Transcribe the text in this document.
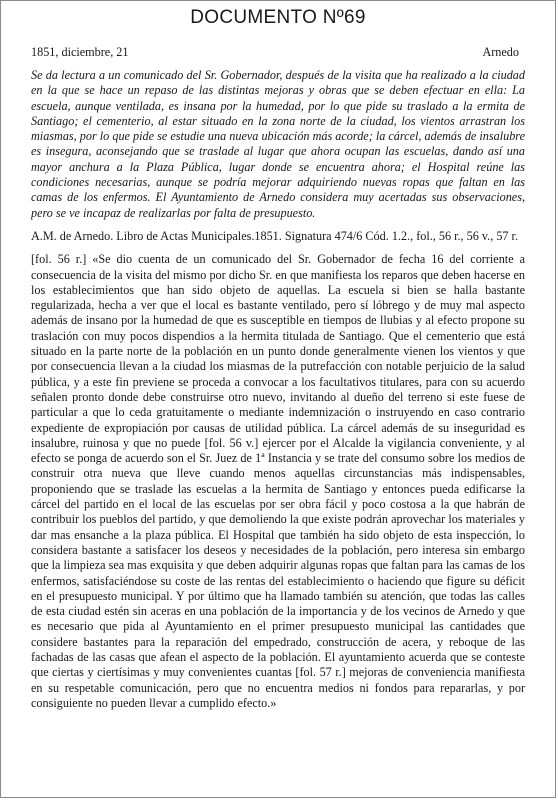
DOCUMENTO Nº69
1851, diciembre, 21	Arnedo

Se da lectura a un comunicado del Sr. Gobernador, después de la visita que ha realizado a la ciudad en la que se hace un repaso de las distintas mejoras y obras que se deben efectuar en ella: La escuela, aunque ventilada, es insana por la humedad, por lo que pide su traslado a la ermita de Santiago; el cementerio, al estar situado en la zona norte de la ciudad, los vientos arrastran los miasmas, por lo que pide se estudie una nueva ubicación más acorde; la cárcel, además de insalubre es insegura, aconsejando que se traslade al lugar que ahora ocupan las escuelas, dando así una mayor anchura a la Plaza Pública, lugar donde se encuentra ahora; el Hospital reúne las condiciones necesarias, aunque se podría mejorar adquiriendo nuevas ropas que faltan en las camas de los enfermos. El Ayuntamiento de Arnedo considera muy acertadas sus observaciones, pero se ve incapaz de realizarlas por falta de presupuesto.

A.M. de Arnedo. Libro de Actas Municipales.1851. Signatura 474/6 Cód. 1.2., fol., 56 r., 56 v., 57 r.

[fol. 56 r.] «Se dio cuenta de un comunicado del Sr. Gobernador de fecha 16 del corriente a consecuencia de la visita del mismo por dicho Sr. en que manifiesta los reparos que deben hacerse en los establecimientos que han sido objeto de aquellas. La escuela si bien se halla bastante regularizada, hecha a ver que el local es bastante ventilado, pero sí lóbrego y de muy mal aspecto además de insano por la humedad de que es susceptible en tiempos de llubias y al efecto propone su traslación con muy pocos dispendios a la hermita titulada de Santiago. Que el cementerio que está situado en la parte norte de la población en un punto donde generalmente vienen los vientos y que por consecuencia llevan a la ciudad los miasmas de la putrefacción con notable perjuicio de la salud pública, y a este fin previene se proceda a convocar a los facultativos titulares, para con su acuerdo señalen pronto donde debe construirse otro nuevo, invitando al dueño del terreno si este fuese de particular a que lo ceda gratuitamente o mediante indemnización o instruyendo en caso contrario expediente de expropiación por causas de utilidad pública. La cárcel además de su inseguridad es insalubre, ruinosa y que no puede [fol. 56 v.] ejercer por el Alcalde la vigilancia conveniente, y al efecto se ponga de acuerdo son el Sr. Juez de 1ª Instancia y se trate del consumo sobre los medios de construir otra nueva que lleve cuando menos aquellas circunstancias más indispensables, proponiendo que se traslade las escuelas a la hermita de Santiago y entonces pueda edificarse la cárcel del partido en el local de las escuelas por ser obra fácil y poco costosa a la que habrán de contribuir los pueblos del partido, y que demoliendo la que existe podrán aprovechar los materiales y dar mas ensanche a la plaza pública. El Hospital que también ha sido objeto de esta inspección, lo considera bastante a satisfacer los deseos y necesidades de la población, pero interesa sin embargo que la limpieza sea mas exquisita y que deben adquirir algunas ropas que faltan para las camas de los enfermos, satisfaciéndose su coste de las rentas del establecimiento o haciendo que figure su déficit en el presupuesto municipal. Y por último que ha llamado también su atención, que todas las calles de esta ciudad estén sin aceras en una población de la importancia y de los vecinos de Arnedo y que es necesario que pida al Ayuntamiento en el primer presupuesto municipal las cantidades que considere bastantes para la reparación del empedrado, construcción de acera, y reboque de las fachadas de las casas que afean el aspecto de la población. El ayuntamiento acuerda que se conteste que ciertas y ciertísimas y muy convenientes cuantas [fol. 57 r.] mejoras de conveniencia manifiesta en su respetable comunicación, pero que no encuentra medios ni fondos para repararlas, y por consiguiente no pueden llevar a cumplido efecto.»
